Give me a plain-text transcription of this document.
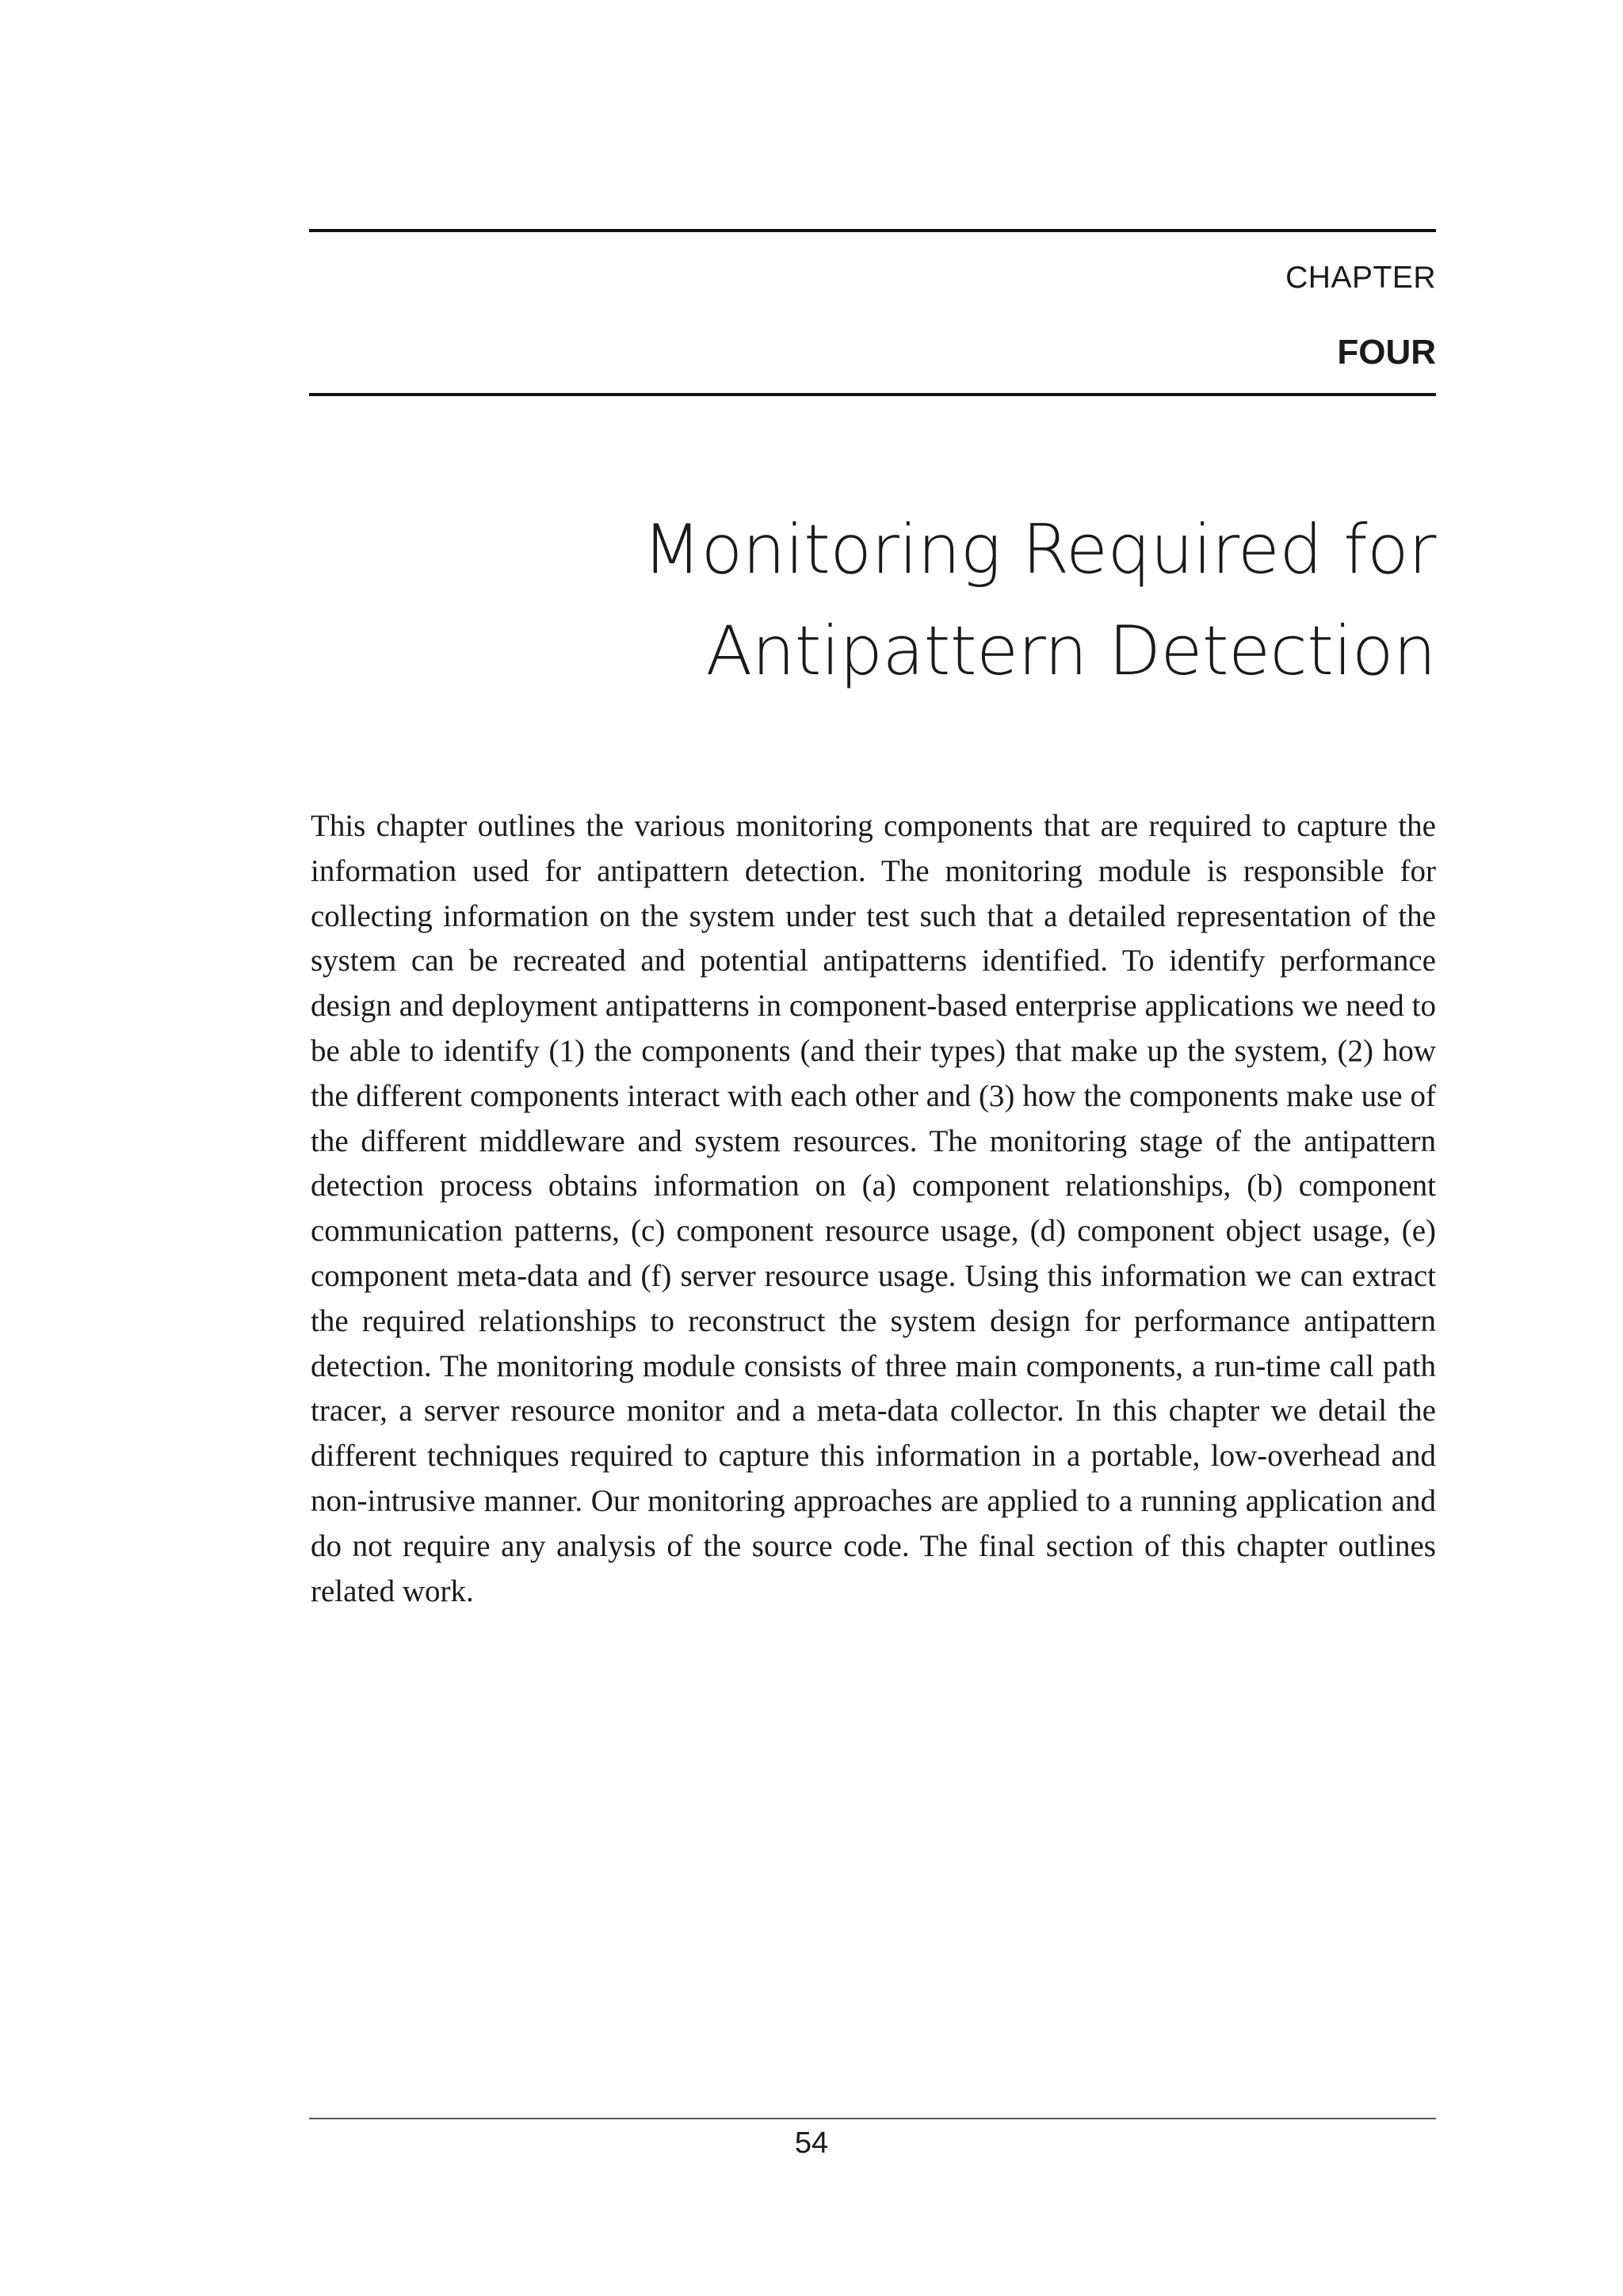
CHAPTER
FOUR
Monitoring Required for
Antipattern Detection

This chapter outlines the various monitoring components that are required to capture the information used for antipattern detection. The monitoring module is responsible for collecting information on the system under test such that a detailed representation of the system can be recreated and potential antipatterns identified. To identify performance design and deployment antipatterns in component-based enterprise applications we need to be able to identify (1) the components (and their types) that make up the system, (2) how the different components interact with each other and (3) how the components make use of the different middleware and system resources. The monitoring stage of the antipattern detection process obtains information on (a) component relationships, (b) component communication patterns, (c) component resource usage, (d) component object usage, (e) component meta-data and (f) server resource usage. Using this information we can extract the required relationships to reconstruct the system design for performance antipattern detection. The monitoring module consists of three main components, a run-time call path tracer, a server resource monitor and a meta-data collector. In this chapter we detail the different techniques required to capture this information in a portable, low-overhead and non-intrusive manner. Our monitoring approaches are applied to a running application and do not require any analysis of the source code. The final section of this chapter outlines related work.

54
